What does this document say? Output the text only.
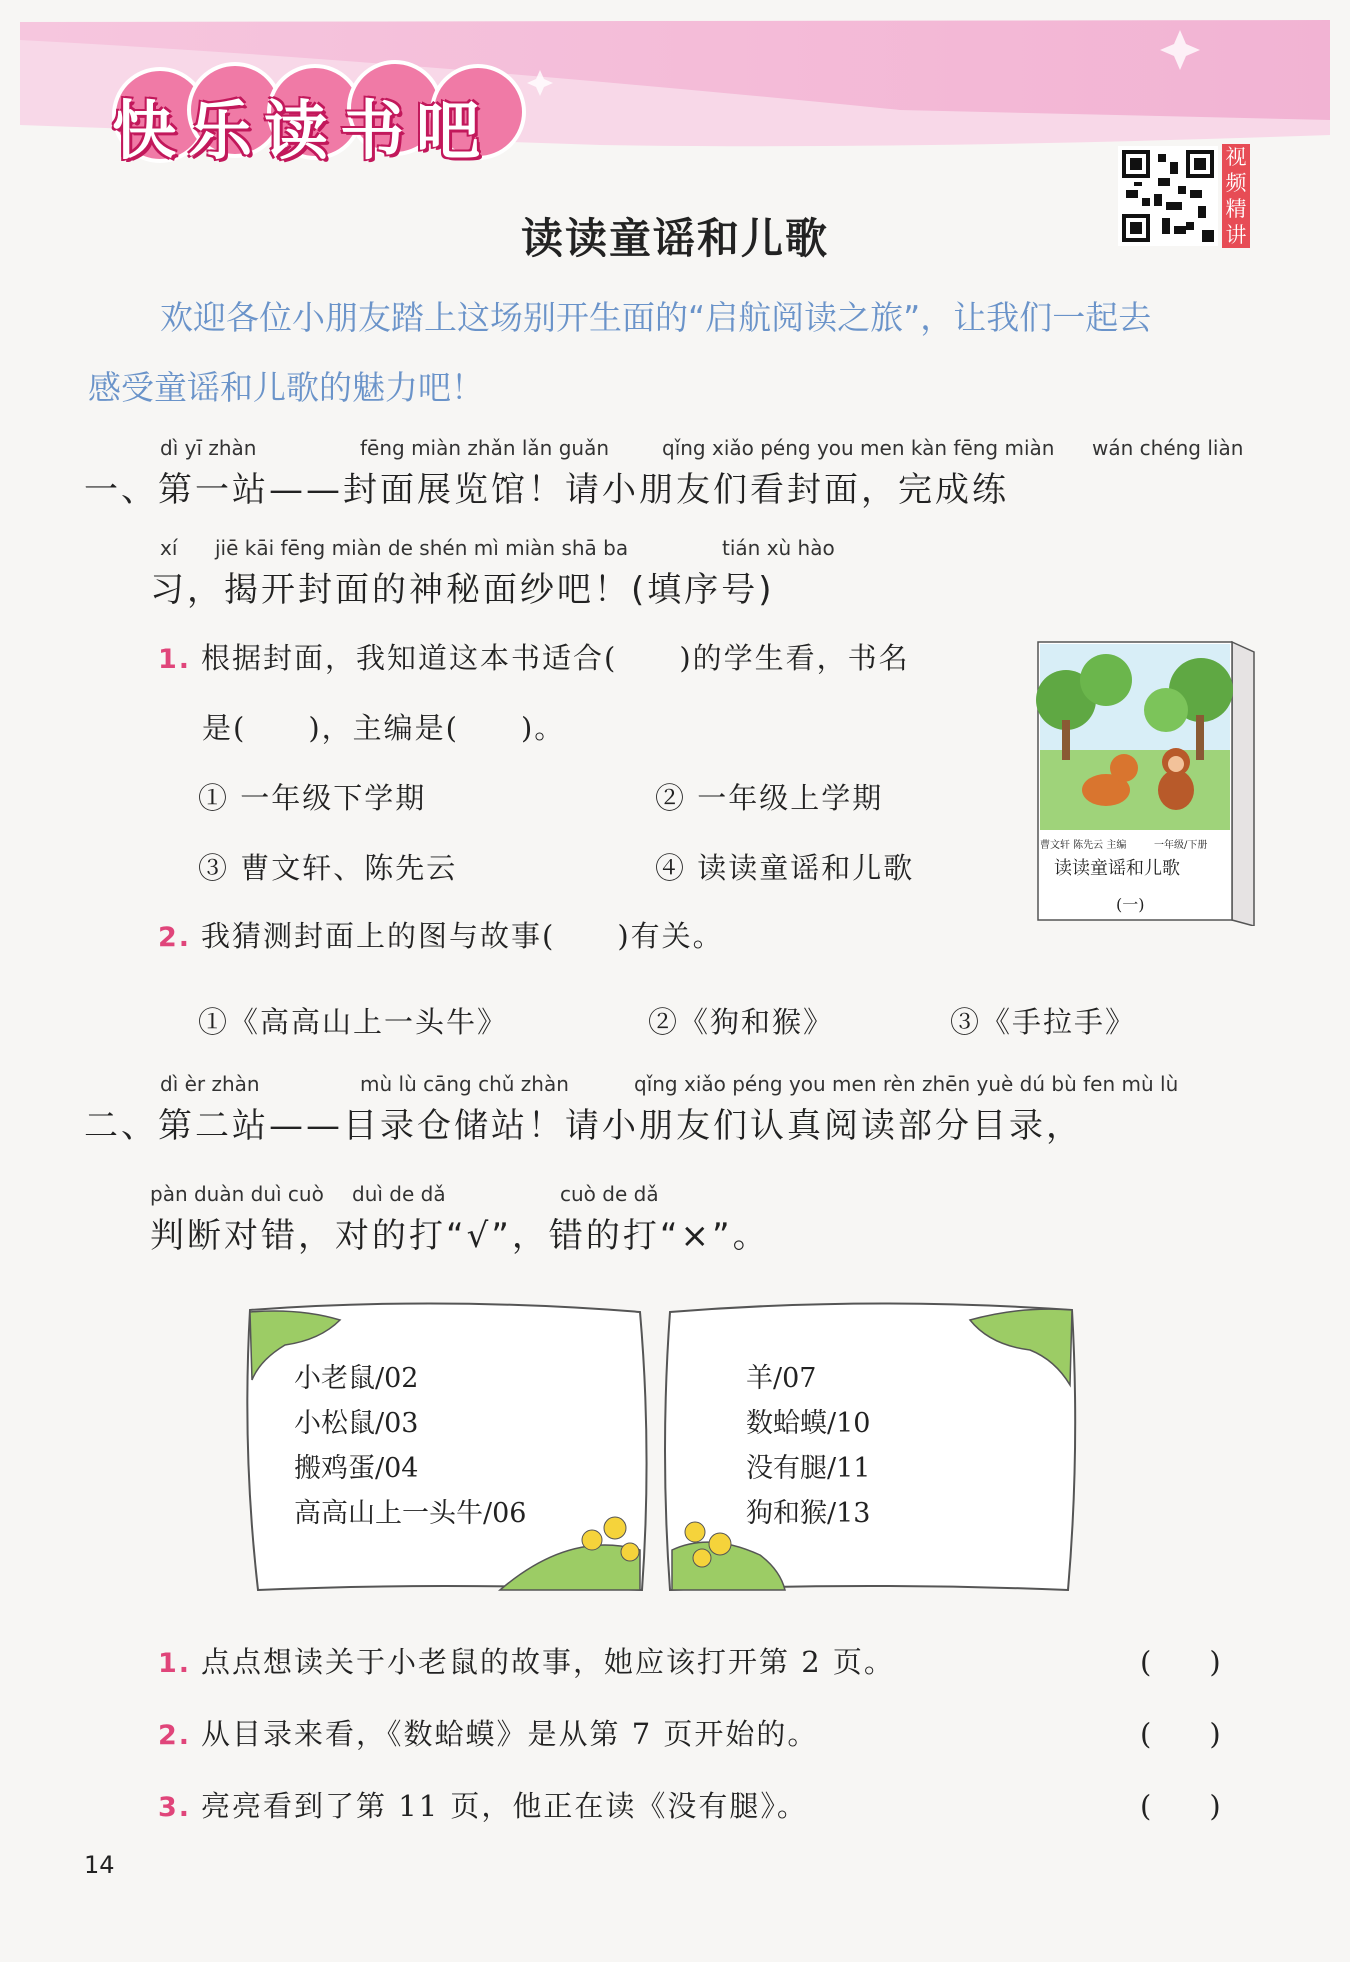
快乐读书吧	视频精讲
读读童谣和儿歌
欢迎各位小朋友踏上这场别开生面的“启航阅读之旅”，让我们一起去
感受童谣和儿歌的魅力吧！
dì yī zhàn	fēng miàn zhǎn lǎn guǎn	qǐng xiǎo péng you men kàn fēng miàn wán chéng liàn
一、第一站——封面展览馆！请小朋友们看封面，完成练
xí jiē kāi fēng miàn de shén mì miàn shā ba	tián xù hào
习，揭开封面的神秘面纱吧！(填序号)
1. 根据封面，我知道这本书适合(　　)的学生看，书名
是(　　)，主编是(　　)。
① 一年级下学期	② 一年级上学期
③ 曹文轩、陈先云	④ 读读童谣和儿歌
2. 我猜测封面上的图与故事(　　)有关。
①《高高山上一头牛》	②《狗和猴》	③《手拉手》
曹文轩 陈先云 主编	一年级/下册
读读童谣和儿歌
(一)
dì èr zhàn	mù lù cāng chǔ zhàn	qǐng xiǎo péng you men rèn zhēn yuè dú bù fen mù lù
二、第二站——目录仓储站！请小朋友们认真阅读部分目录，
pàn duàn duì cuò duì de dǎ	cuò de dǎ
判断对错，对的打“√”，错的打“×”。
小老鼠/02
小松鼠/03
搬鸡蛋/04
高高山上一头牛/06
羊/07
数蛤蟆/10
没有腿/11
狗和猴/13
1. 点点想读关于小老鼠的故事，她应该打开第 2 页。	(　　)
2. 从目录来看，《数蛤蟆》是从第 7 页开始的。	(　　)
3. 亮亮看到了第 11 页，他正在读《没有腿》。	(　　)
14
